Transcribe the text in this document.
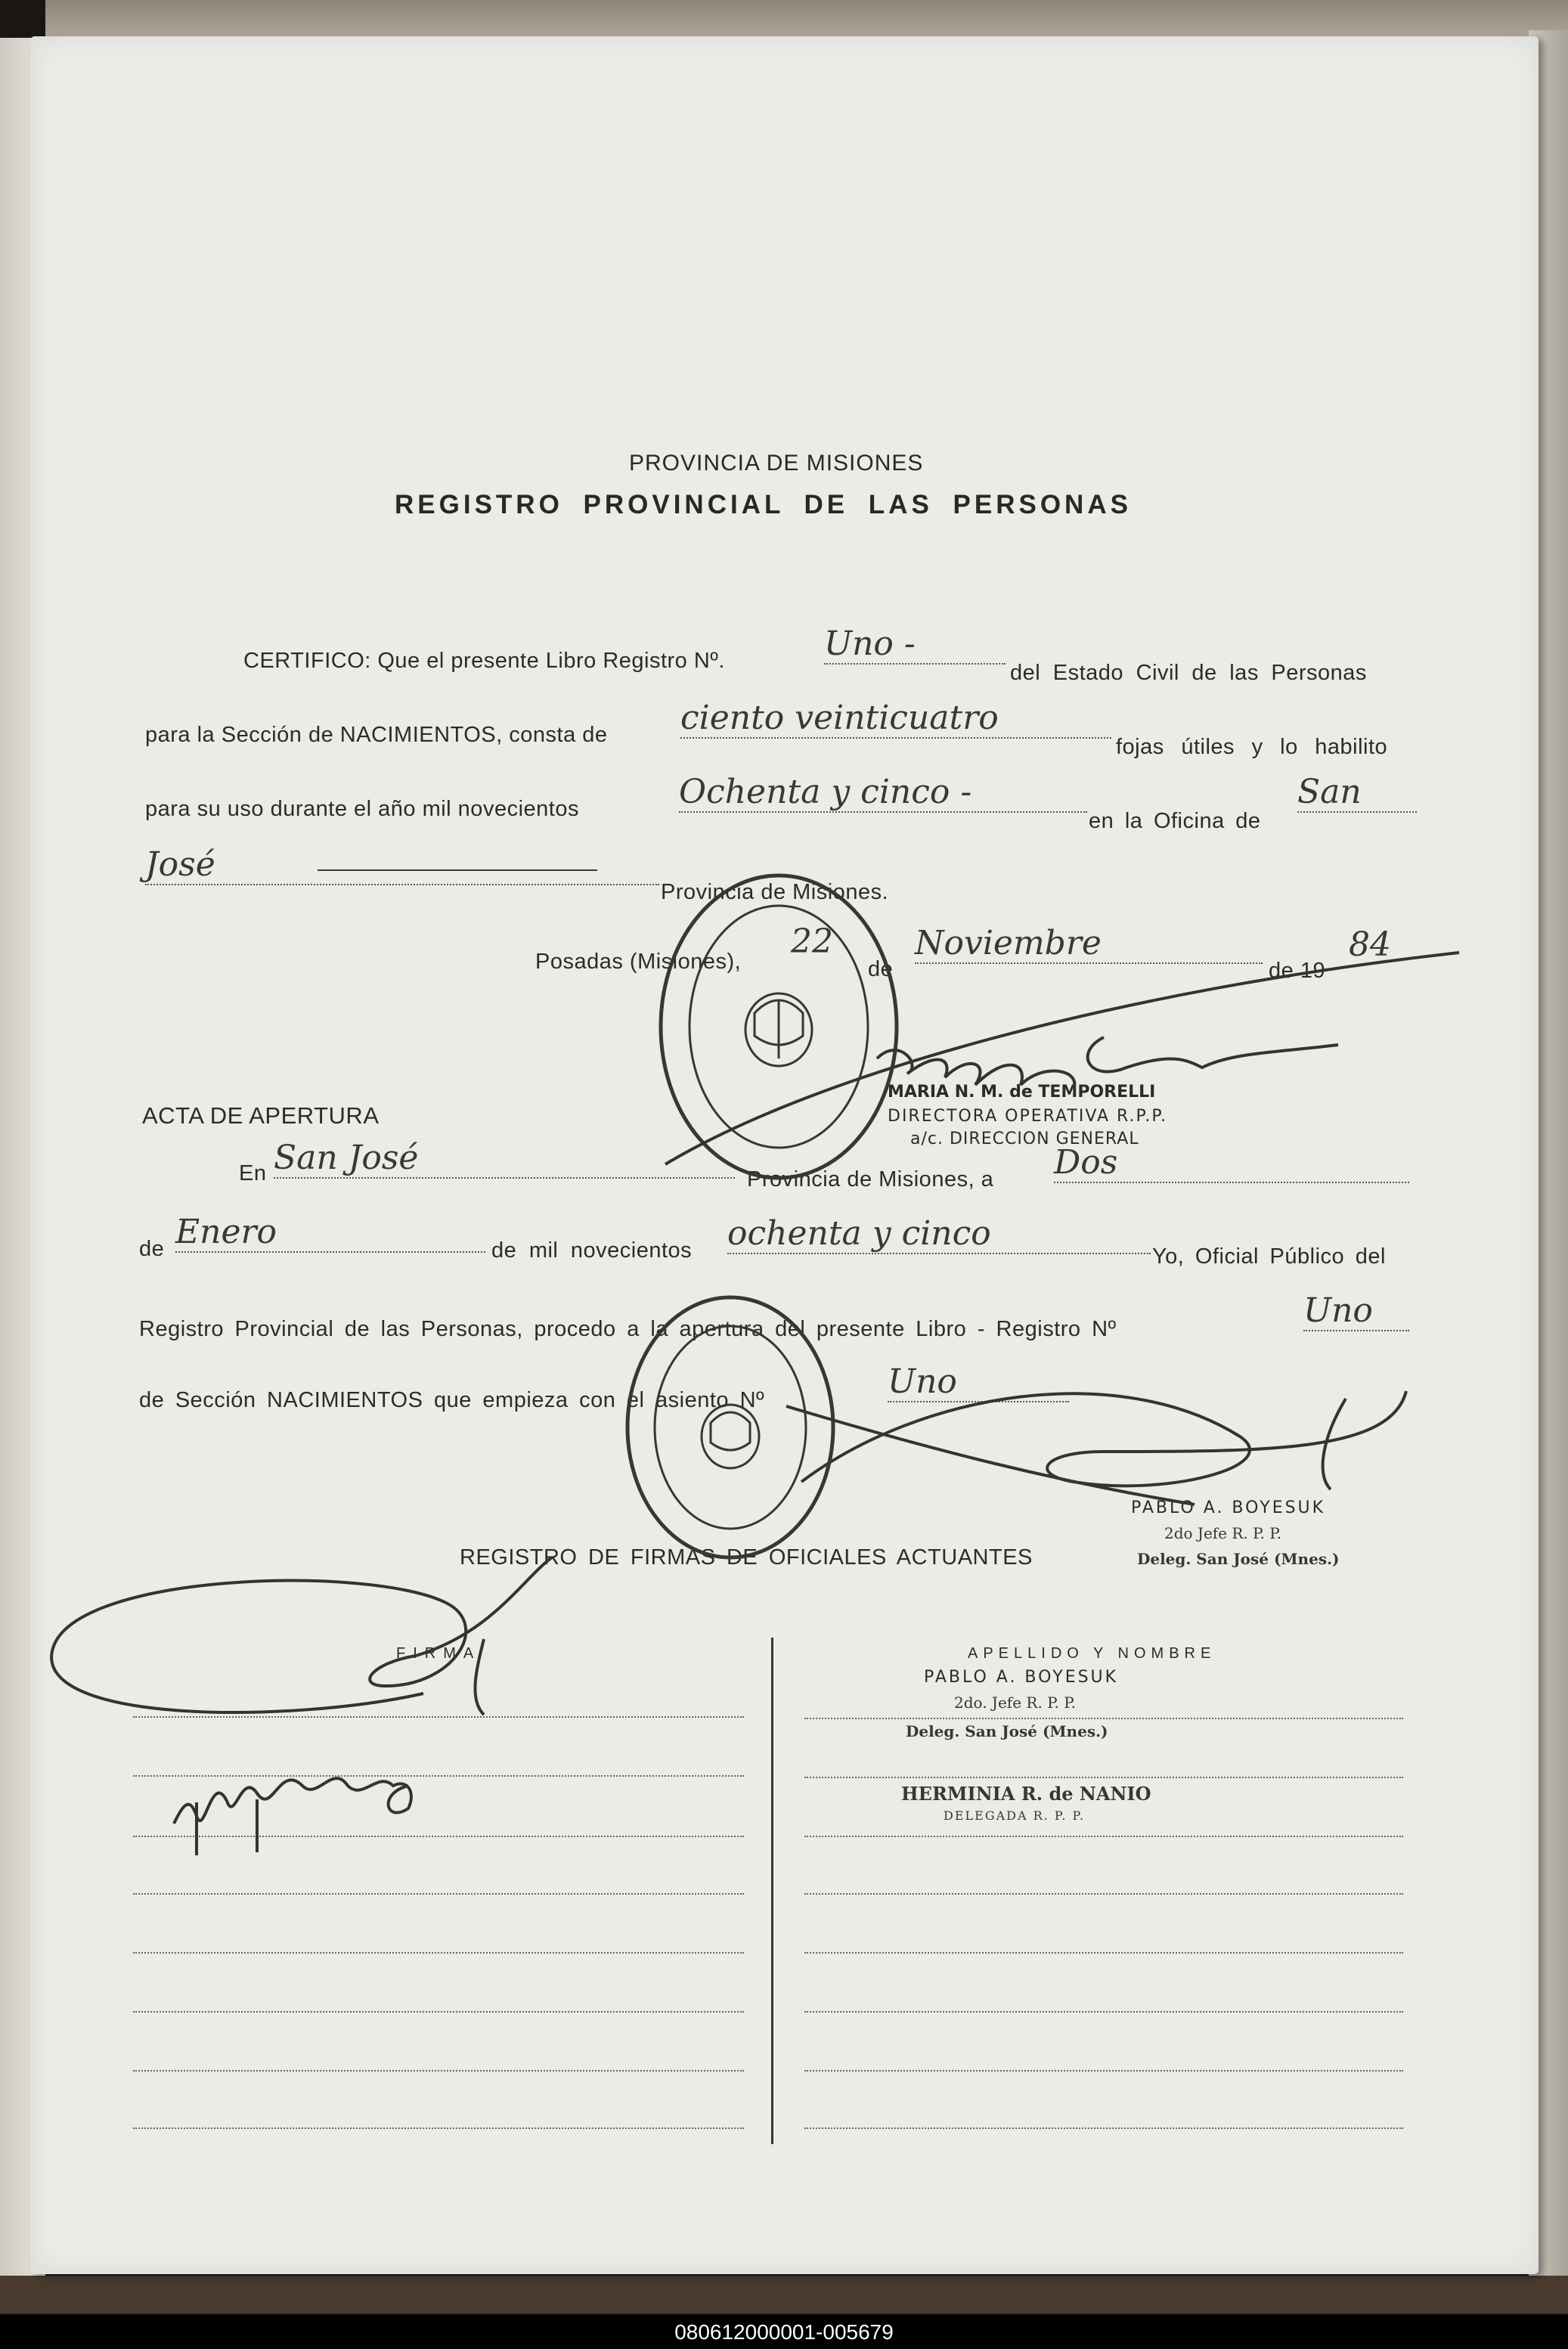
PROVINCIA DE MISIONES
REGISTRO PROVINCIAL DE LAS PERSONAS
CERTIFICO: Que el presente Libro Registro Nº.	Uno -
del Estado Civil de las Personas
para la Sección de NACIMIENTOS, consta de ciento veinticuatro
fojas útiles y lo habilito
para su uso durante el año mil novecientos	Ochenta y cinco -
en la Oficina de
San
José
Provincia de Misiones.
Posadas (Misiones),
22
de
Noviembre
de 19
84
MARIA N. M. de TEMPORELLI
DIRECTORA OPERATIVA R.P.P.
a/c. DIRECCION GENERAL
ACTA DE APERTURA
En San José
Provincia de Misiones, a Dos
de Enero	de mil novecientos ochenta y cinco
Yo, Oficial Público del
Registro Provincial de las Personas, procedo a la apertura del presente Libro - Registro Nº	Uno
de Sección NACIMIENTOS que empieza con el asiento Nº	Uno
PABLO A. BOYESUK
2do Jefe R. P. P.
Deleg. San José (Mnes.)
REGISTRO DE FIRMAS DE OFICIALES ACTUANTES
FIRMA	APELLIDO Y NOMBRE
PABLO A. BOYESUK
2do. Jefe R. P. P.
Deleg. San José (Mnes.)
HERMINIA R. de NANIO
DELEGADA R. P. P.
080612000001-005679
